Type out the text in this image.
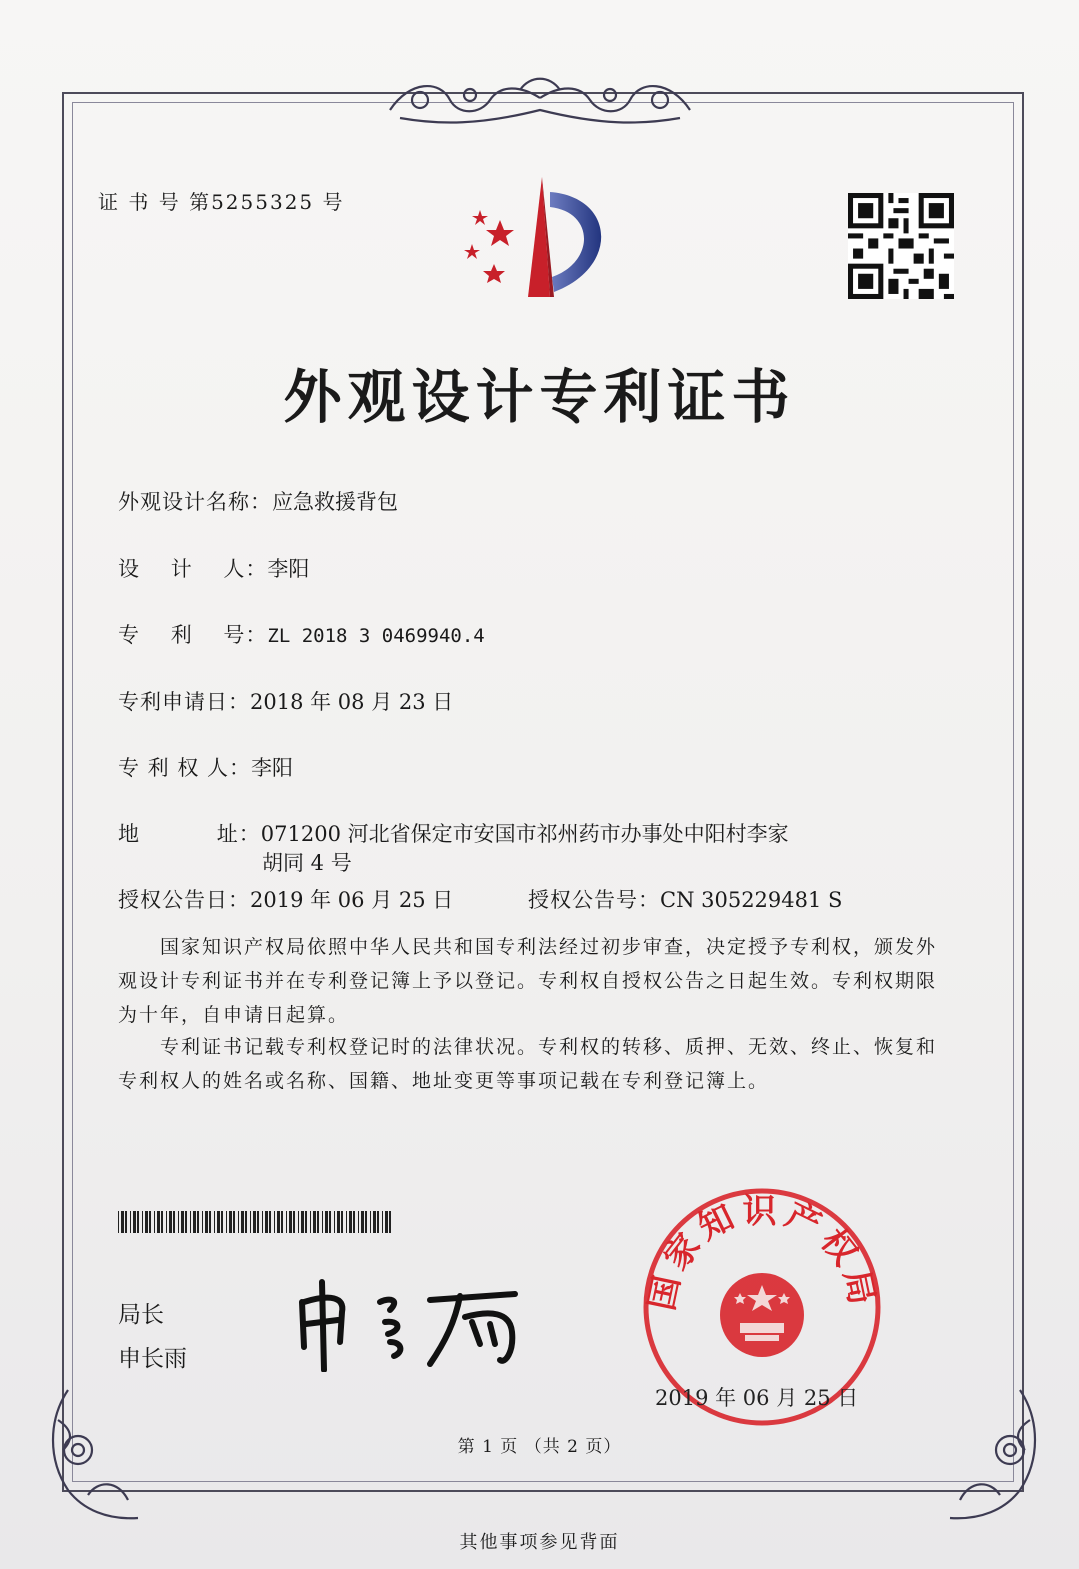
证 书 号 第5255325 号
外观设计专利证书
外观设计名称：应急救援背包
设    计    人：李阳
专    利    号：ZL 2018 3 0469940.4
专利申请日：2018 年 08 月 23 日
专 利 权 人：李阳
地          址：071200 河北省保定市安国市祁州药市办事处中阳村李家
胡同 4 号
授权公告日：2019 年 06 月 25 日	授权公告号：CN 305229481 S
　　国家知识产权局依照中华人民共和国专利法经过初步审查，决定授予专利权，颁发外观设计专利证书并在专利登记簿上予以登记。专利权自授权公告之日起生效。专利权期限为十年，自申请日起算。
　　专利证书记载专利权登记时的法律状况。专利权的转移、质押、无效、终止、恢复和专利权人的姓名或名称、国籍、地址变更等事项记载在专利登记簿上。
局长
申长雨
国家知识产权局
2019 年 06 月 25 日
第 1 页 （共 2 页）
其他事项参见背面
